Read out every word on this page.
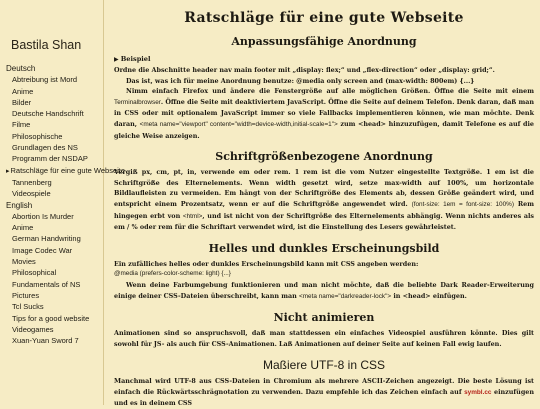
Bastila Shan
Deutsch
Abtreibung ist Mord
Anime
Bilder
Deutsche Handschrift
Filme
Philosophische Grundlagen des NS
Programm der NSDAP
▸ Ratschläge für eine gute Webseite
Tannenberg
Videospiele
English
Abortion Is Murder
Anime
German Handwriting
Image Codec War
Movies
Philosophical Fundamentals of NS
Pictures
Tcl Sucks
Tips for a good website
Videogames
Xuan-Yuan Sword 7
Ratschläge für eine gute Webseite
Anpassungsfähige Anordnung
▶ Beispiel

Ordne die Abschnitte header nav main footer mit „display: flex;“ und „flex-direction“ oder „display: grid;“.

Das ist, was ich für meine Anordnung benutze: @media only screen and (max-width: 800em) {...}

Nimm einfach Firefox und ändere die Fenstergröße auf alle möglichen Größen. Öffne die Seite mit einem Terminalbrowser. Öffne die Seite mit deaktiviertem JavaScript. Öffne die Seite auf deinem Telefon. Denk daran, daß man in CSS oder mit optionalem JavaScript immer so viele Fallbacks implementieren können, wie man möchte. Denk daran, <meta name="viewport" content="width=device-width,initial-scale=1"> zum <head> hinzuzufügen, damit Telefone es auf die gleiche Weise anzeigen.

Schriftgrößenbezogene Anordnung

Vergiß px, cm, pt, in, verwende em oder rem. 1 rem ist die vom Nutzer eingestellte Textgröße. 1 em ist die Schriftgröße des Elternelements. Wenn width gesetzt wird, setze max-width auf 100%, um horizontale Bildlaufleisten zu vermeiden. Em hängt von der Schriftgröße des Elements ab, dessen Größe geändert wird, und entspricht einem Prozentsatz, wenn er auf die Schriftgröße angewendet wird. (font-size: 1em = font-size: 100%) Rem hingegen erbt von <html>, und ist nicht von der Schriftgröße des Elternelements abhängig. Wenn nichts anderes als em / % oder rem für die Schriftart verwendet wird, ist die Einstellung des Lesers gewährleistet.

Helles und dunkles Erscheinungsbild

Ein zufälliches helles oder dunkles Erscheinungsbild kann mit CSS angeben werden:

@media (prefers-color-scheme: light) {...}

Wenn deine Farbumgebung funktionieren und man nicht möchte, daß die beliebte Dark Reader-Erweiterung einige deiner CSS-Dateien überschreibt, kann man <meta name="darkreader-lock"> in <head> einfügen.

Nicht animieren

Animationen sind so anspruchsvoll, daß man stattdessen ein einfaches Videospiel ausführen könnte. Dies gilt sowohl für JS- als auch für CSS-Animationen. Laß Animationen auf deiner Seite auf keinen Fall ewig laufen.

Maßiere UTF-8 in CSS

Manchmal wird UTF-8 aus CSS-Dateien in Chromium als mehrere ASCII-Zeichen angezeigt. Die beste Lösung ist einfach die Rückwärtsschrägnotation zu verwenden. Dazu empfehle ich das Zeichen einfach auf symbl.cc einzufügen und es in deinem CSS
